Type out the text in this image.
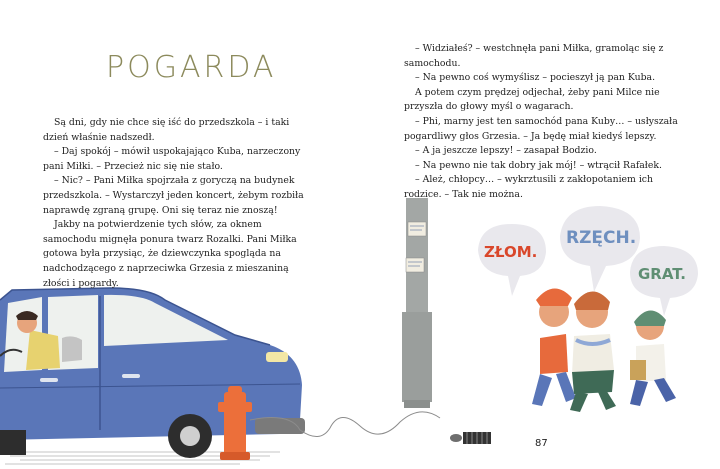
ZŁOM.
RZĘCH.
GRAT.
POGARDA

Są dni, gdy nie chce się iść do przedszkola – i taki dzień właśnie nadszedł.

– Daj spokój – mówił uspokajająco Kuba, narzeczony pani Miłki. – Przecież nic się nie stało.

– Nic? – Pani Miłka spojrzała z goryczą na budynek przedszkola. – Wystarczył jeden koncert, żebym rozbiła naprawdę zgraną grupę. Oni się teraz nie znoszą!

Jakby na potwierdzenie tych słów, za oknem samochodu mignęła ponura twarz Rozalki. Pani Miłka gotowa była przysiąc, że dziewczynka spogląda na nadchodzącego z naprzeciwka Grzesia z mieszaniną złości i pogardy.

– Widziałeś? – westchnęła pani Miłka, gramoląc się z samochodu.

– Na pewno coś wymyślisz – pocieszył ją pan Kuba.

A potem czym prędzej odjechał, żeby pani Milce nie przyszła do głowy myśl o wagarach.

– Phi, marny jest ten samochód pana Kuby… – usłyszała pogardliwy głos Grzesia. – Ja będę miał kiedyś lepszy.

– A ja jeszcze lepszy! – zasapał Bodzio.

– Na pewno nie tak dobry jak mój! – wtrącił Rafałek.

– Ależ, chłopcy… – wykrztusili z zakłopotaniem ich rodzice. – Tak nie można.

87
